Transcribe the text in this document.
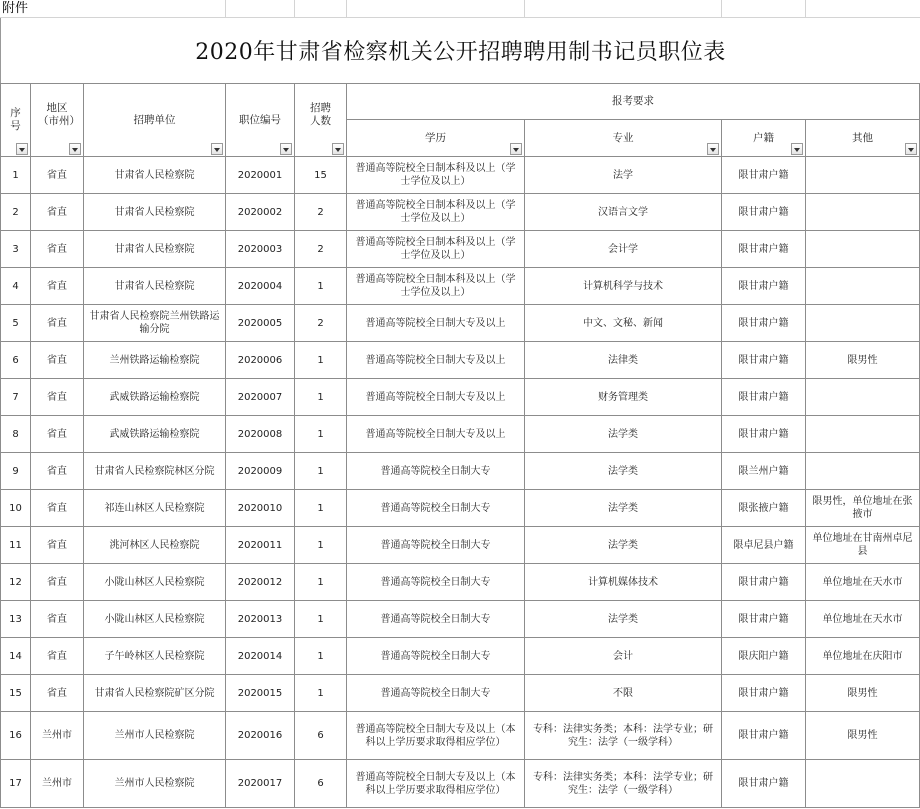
附件							
2020年甘肃省检察机关公开招聘聘用制书记员职位表
序号	地区（市州）	招聘单位	职位编号	招聘人数	报考要求			
					学历	专业	户籍	其他

1	省直	甘肃省人民检察院	2020001	15	普通高等院校全日制本科及以上（学士学位及以上）	法学	限甘肃户籍	
2	省直	甘肃省人民检察院	2020002	2	普通高等院校全日制本科及以上（学士学位及以上）	汉语言文学	限甘肃户籍	
3	省直	甘肃省人民检察院	2020003	2	普通高等院校全日制本科及以上（学士学位及以上）	会计学	限甘肃户籍	
4	省直	甘肃省人民检察院	2020004	1	普通高等院校全日制本科及以上（学士学位及以上）	计算机科学与技术	限甘肃户籍	
5	省直	甘肃省人民检察院兰州铁路运输分院	2020005	2	普通高等院校全日制大专及以上	中文、文秘、新闻	限甘肃户籍	
6	省直	兰州铁路运输检察院	2020006	1	普通高等院校全日制大专及以上	法律类	限甘肃户籍	限男性
7	省直	武威铁路运输检察院	2020007	1	普通高等院校全日制大专及以上	财务管理类	限甘肃户籍	
8	省直	武威铁路运输检察院	2020008	1	普通高等院校全日制大专及以上	法学类	限甘肃户籍	
9	省直	甘肃省人民检察院林区分院	2020009	1	普通高等院校全日制大专	法学类	限兰州户籍	
10	省直	祁连山林区人民检察院	2020010	1	普通高等院校全日制大专	法学类	限张掖户籍	限男性，单位地址在张掖市
11	省直	洮河林区人民检察院	2020011	1	普通高等院校全日制大专	法学类	限卓尼县户籍	单位地址在甘南州卓尼县
12	省直	小陇山林区人民检察院	2020012	1	普通高等院校全日制大专	计算机媒体技术	限甘肃户籍	单位地址在天水市
13	省直	小陇山林区人民检察院	2020013	1	普通高等院校全日制大专	法学类	限甘肃户籍	单位地址在天水市
14	省直	子午岭林区人民检察院	2020014	1	普通高等院校全日制大专	会计	限庆阳户籍	单位地址在庆阳市
15	省直	甘肃省人民检察院矿区分院	2020015	1	普通高等院校全日制大专	不限	限甘肃户籍	限男性
16	兰州市	兰州市人民检察院	2020016	6	普通高等院校全日制大专及以上（本科以上学历要求取得相应学位）	专科：法律实务类；本科：法学专业；研究生：法学（一级学科）	限甘肃户籍	限男性
17	兰州市	兰州市人民检察院	2020017	6	普通高等院校全日制大专及以上（本科以上学历要求取得相应学位）	专科：法律实务类；本科：法学专业；研究生：法学（一级学科）	限甘肃户籍	
